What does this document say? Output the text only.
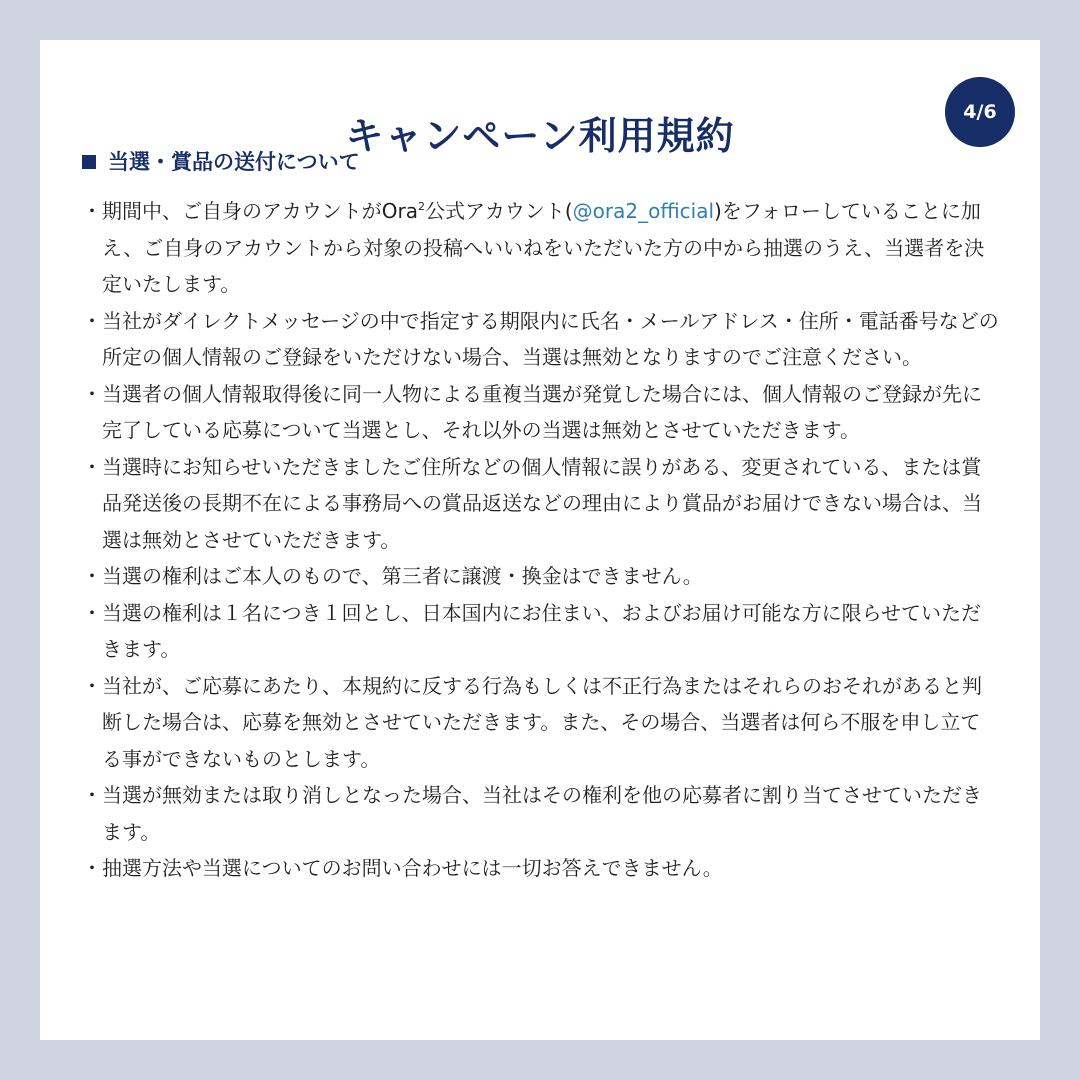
キャンペーン利用規約
4/6
当選・賞品の送付について
・ 期間中、ご自身のアカウントがOra$^2$公式アカウント(@ora2_official)をフォローしていることに加え、ご自身のアカウントから対象の投稿へいいねをいただいた方の中から抽選のうえ、当選者を決定いたします。
・ 当社がダイレクトメッセージの中で指定する期限内に氏名・メールアドレス・住所・電話番号などの所定の個人情報のご登録をいただけない場合、当選は無効となりますのでご注意ください。
・ 当選者の個人情報取得後に同一人物による重複当選が発覚した場合には、個人情報のご登録が先に完了している応募について当選とし、それ以外の当選は無効とさせていただきます。
・ 当選時にお知らせいただきましたご住所などの個人情報に誤りがある、変更されている、または賞品発送後の長期不在による事務局への賞品返送などの理由により賞品がお届けできない場合は、当選は無効とさせていただきます。
・ 当選の権利はご本人のもので、第三者に譲渡・換金はできません。
・ 当選の権利は１名につき１回とし、日本国内にお住まい、およびお届け可能な方に限らせていただきます。
・ 当社が、ご応募にあたり、本規約に反する行為もしくは不正行為またはそれらのおそれがあると判断した場合は、応募を無効とさせていただきます。また、その場合、当選者は何ら不服を申し立てる事ができないものとします。
・ 当選が無効または取り消しとなった場合、当社はその権利を他の応募者に割り当てさせていただきます。
・ 抽選方法や当選についてのお問い合わせには一切お答えできません。
